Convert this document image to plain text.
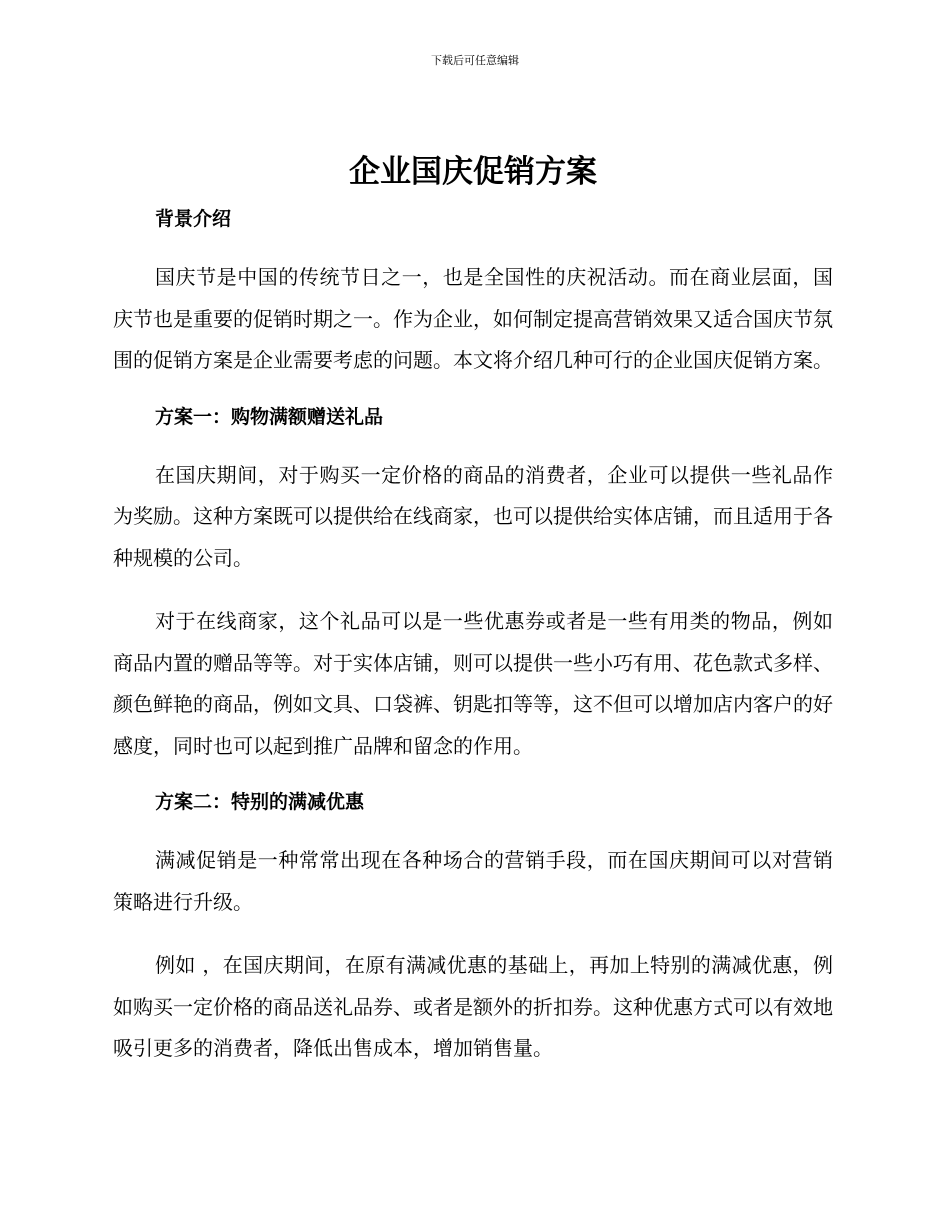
下载后可任意编辑
企业国庆促销方案
背景介绍

国庆节是中国的传统节日之一，也是全国性的庆祝活动。而在商业层面，国庆节也是重要的促销时期之一。作为企业，如何制定提高营销效果又适合国庆节氛围的促销方案是企业需要考虑的问题。本文将介绍几种可行的企业国庆促销方案。

方案一：购物满额赠送礼品

在国庆期间，对于购买一定价格的商品的消费者，企业可以提供一些礼品作为奖励。这种方案既可以提供给在线商家，也可以提供给实体店铺，而且适用于各种规模的公司。

对于在线商家，这个礼品可以是一些优惠券或者是一些有用类的物品，例如商品内置的赠品等等。对于实体店铺，则可以提供一些小巧有用、花色款式多样、颜色鲜艳的商品，例如文具、口袋裤、钥匙扣等等，这不但可以增加店内客户的好感度，同时也可以起到推广品牌和留念的作用。

方案二：特别的满减优惠

满减促销是一种常常出现在各种场合的营销手段，而在国庆期间可以对营销策略进行升级。

例如 ，在国庆期间，在原有满减优惠的基础上，再加上特别的满减优惠，例如购买一定价格的商品送礼品券、或者是额外的折扣券。这种优惠方式可以有效地吸引更多的消费者，降低出售成本，增加销售量。
